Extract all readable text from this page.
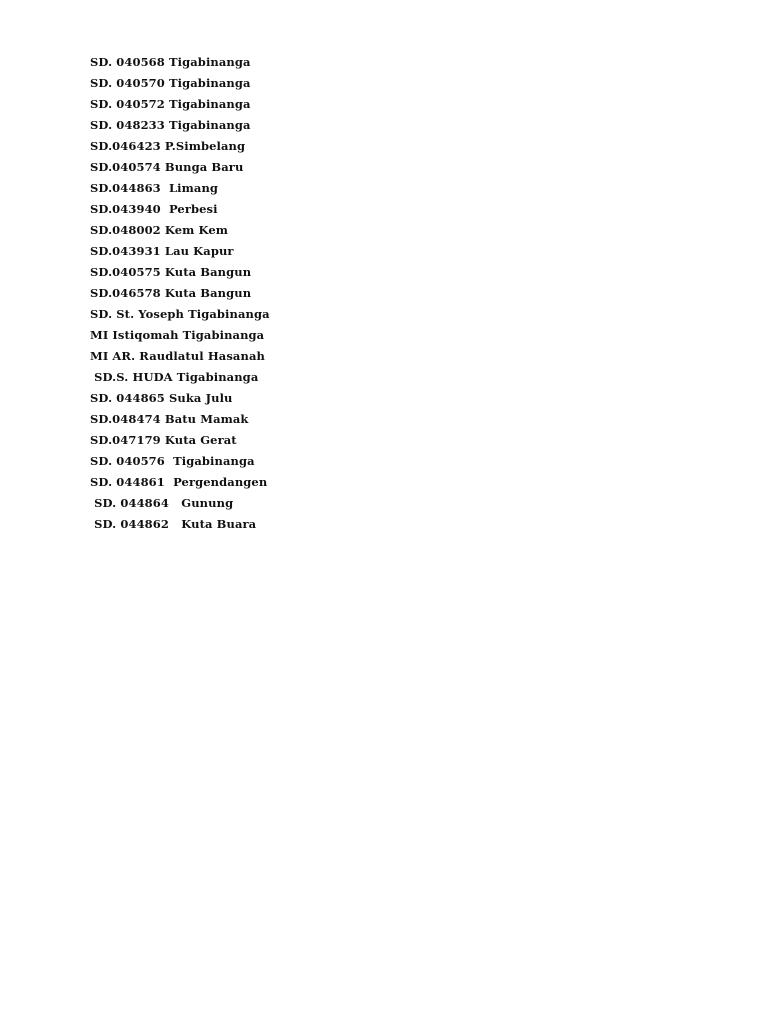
SD. 040568 Tigabinanga
SD. 040570 Tigabinanga
SD. 040572 Tigabinanga
SD. 048233 Tigabinanga
SD.046423 P.Simbelang
SD.040574 Bunga Baru
SD.044863  Limang
SD.043940  Perbesi
SD.048002 Kem Kem
SD.043931 Lau Kapur
SD.040575 Kuta Bangun
SD.046578 Kuta Bangun
SD. St. Yoseph Tigabinanga
MI Istiqomah Tigabinanga
MI AR. Raudlatul Hasanah
SD.S. HUDA Tigabinanga
SD. 044865 Suka Julu
SD.048474 Batu Mamak
SD.047179 Kuta Gerat
SD. 040576  Tigabinanga
SD. 044861  Pergendangen
SD. 044864   Gunung
SD. 044862   Kuta Buara
